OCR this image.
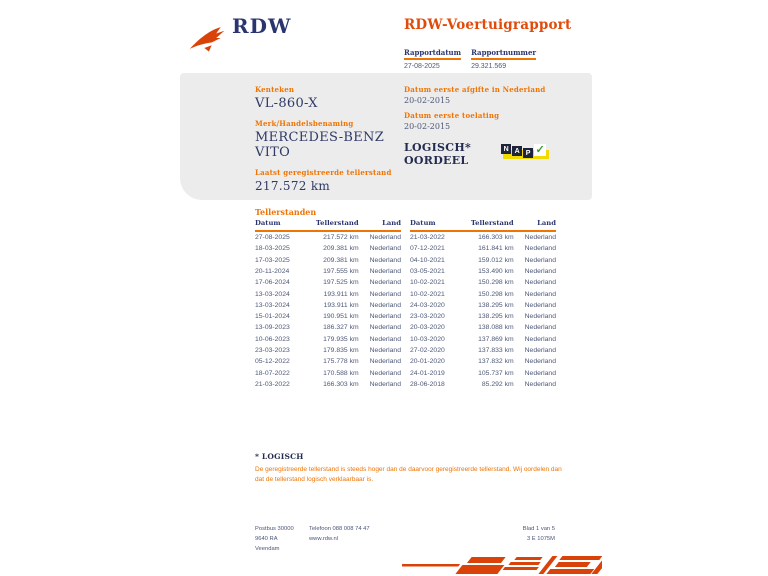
RDW	RDW-Voertuigrapport
Rapportdatum
27-08-2025
Rapportnummer
29.321.569
Kenteken
VL-860-X
Merk/Handelsbenaming
MERCEDES-BENZ
VITO
Laatst geregistreerde tellerstand
217.572 km
Datum eerste afgifte in Nederland
20-02-2015
Datum eerste toelating
20-02-2015
LOGISCH*
OORDEEL
N A P ✓
Tellerstanden
Datum	Tellerstand	Land
27-08-2025	217.572 km	Nederland
18-03-2025	209.381 km	Nederland
17-03-2025	209.381 km	Nederland
20-11-2024	197.555 km	Nederland
17-06-2024	197.525 km	Nederland
13-03-2024	193.911 km	Nederland
13-03-2024	193.911 km	Nederland
15-01-2024	190.951 km	Nederland
13-09-2023	186.327 km	Nederland
10-06-2023	179.935 km	Nederland
23-03-2023	179.835 km	Nederland
05-12-2022	175.778 km	Nederland
18-07-2022	170.588 km	Nederland
21-03-2022	166.303 km	Nederland
Datum	Tellerstand	Land
21-03-2022	166.303 km	Nederland
07-12-2021	161.841 km	Nederland
04-10-2021	159.012 km	Nederland
03-05-2021	153.490 km	Nederland
10-02-2021	150.298 km	Nederland
10-02-2021	150.298 km	Nederland
24-03-2020	138.295 km	Nederland
23-03-2020	138.295 km	Nederland
20-03-2020	138.088 km	Nederland
10-03-2020	137.869 km	Nederland
27-02-2020	137.833 km	Nederland
20-01-2020	137.832 km	Nederland
24-01-2019	105.737 km	Nederland
28-06-2018	85.292 km	Nederland
* LOGISCH

De geregistreerde tellerstand is steeds hoger dan de daarvoor geregistreerde tellerstand. Wij oordelen dan dat de tellerstand logisch verklaarbaar is.

Postbus 30000
9640 RA Veendam
Telefoon 088 008 74 47
www.rdw.nl
Blad 1 van 5
3 E 1075M
